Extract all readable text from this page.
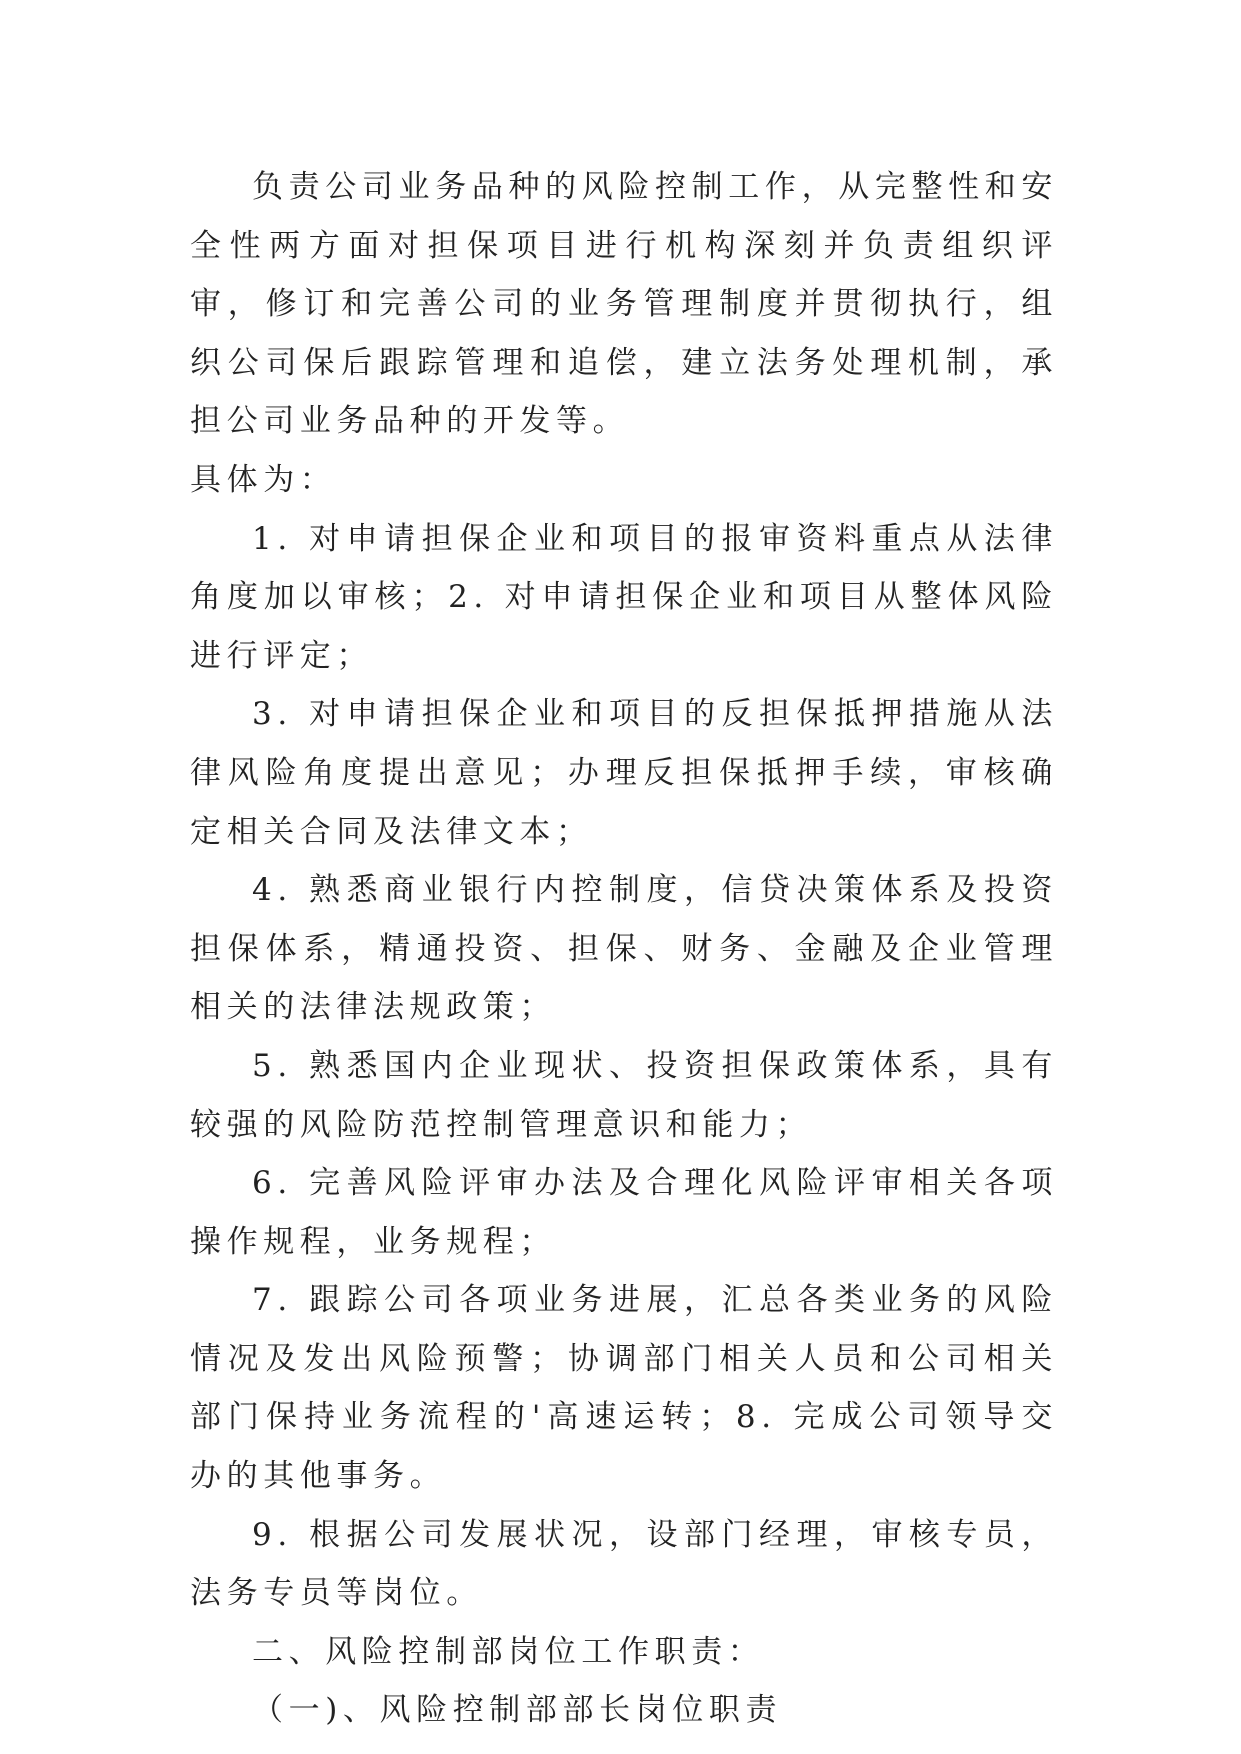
负责公司业务品种的风险控制工作，从完整性和安全性两方面对担保项目进行机构深刻并负责组织评审，修订和完善公司的业务管理制度并贯彻执行，组织公司保后跟踪管理和追偿，建立法务处理机制，承担公司业务品种的开发等。

具体为：

1. 对申请担保企业和项目的报审资料重点从法律角度加以审核；2. 对申请担保企业和项目从整体风险进行评定；

3. 对申请担保企业和项目的反担保抵押措施从法律风险角度提出意见；办理反担保抵押手续，审核确定相关合同及法律文本；

4. 熟悉商业银行内控制度，信贷决策体系及投资担保体系，精通投资、担保、财务、金融及企业管理相关的法律法规政策；

5. 熟悉国内企业现状、投资担保政策体系，具有较强的风险防范控制管理意识和能力；

6. 完善风险评审办法及合理化风险评审相关各项操作规程，业务规程；

7. 跟踪公司各项业务进展，汇总各类业务的风险情况及发出风险预警；协调部门相关人员和公司相关部门保持业务流程的'高速运转；8. 完成公司领导交办的其他事务。

9. 根据公司发展状况，设部门经理，审核专员，法务专员等岗位。

二、风险控制部岗位工作职责：

（一)、风险控制部部长岗位职责
